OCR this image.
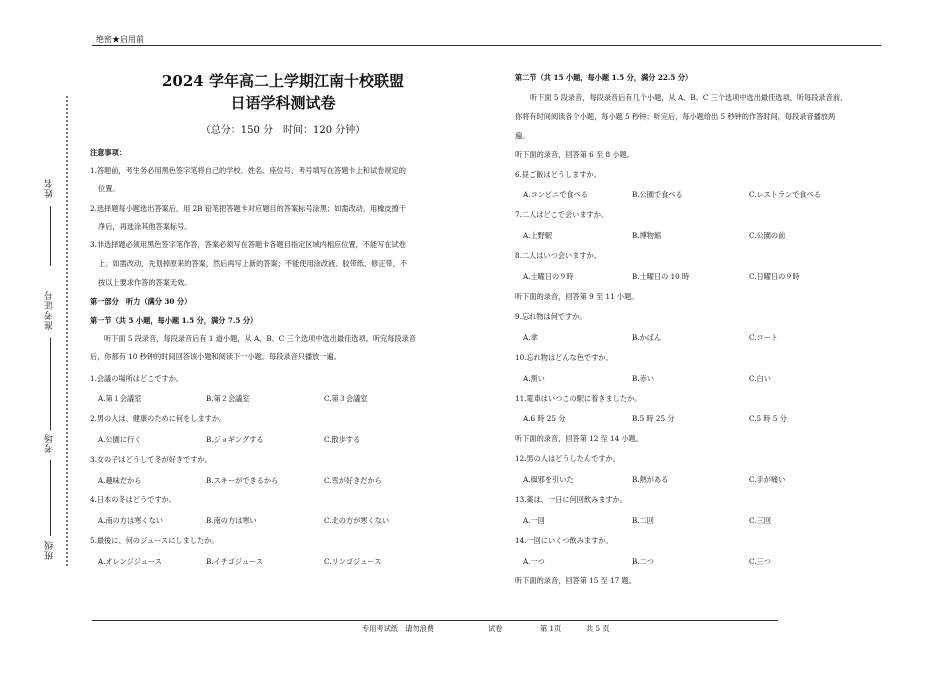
绝密★启用前
姓名
准考证号
考场
班级
2024 学年高二上学期江南十校联盟
日语学科测试卷
（总分：150 分　时间：120 分钟）
注意事项：
1.答题前，考生务必用黑色签字笔将自己的学校、姓名、座位号、考号填写在答题卡上和试卷规定的
位置。
2.选择题每小题选出答案后，用 2B 铅笔把答题卡对应题目的答案标号涂黑；如需改动，用橡皮擦干
净后，再选涂其他答案标号。
3.非选择题必须用黑色签字笔作答，答案必须写在答题卡各题目指定区域内相应位置，不能写在试卷
上；如需改动，先划掉原来的答案，然后再写上新的答案；不能使用涂改液、胶带纸、修正带，不
按以上要求作答的答案无效。
第一部分　听力（满分 30 分）
第一节（共 5 小题，每小题 1.5 分，满分 7.5 分）
听下面 5 段录音，每段录音后有 1 道小题，从 A、B、C 三个选项中选出最佳选项。听完每段录音
后，你都有 10 秒钟的时间回答该小题和阅读下一小题。每段录音只播放一遍。
1.会議の場所はどこですか。
A.第１会議室	B.第２会議室	C.第３会議室
2.男の人は、健康のために何をしますか。
A.公園に行く	B.ジョギングする	C.散歩する
3.女の子はどうして冬が好きですか。
A.趣味だから	B.スキーができるから	C.雪が好きだから
4.日本の冬はどうですか。
A.南の方は寒くない	B.南の方は寒い	C.北の方が寒くない
5.最後に、何のジュースにしましたか。
A.オレンジジュース	B.イチゴジュース	C.リンゴジュース
第二节（共 15 小题，每小题 1.5 分，满分 22.5 分）
听下面 5 段录音，每段录音后有几个小题，从 A、B、C 三个选项中选出最佳选项，听每段录音前，
你将有时间阅读各个小题，每小题 5 秒钟；听完后，每小题给出 5 秒钟的作答时间，每段录音播放两
遍。
听下面的录音，回答第 6 至 8 小题。
6.昼ご飯はどうしますか。
A.コンビニで食べる	B.公園で食べる	C.レストランで食べる
7.二人はどこで会いますか。
A.上野駅	B.博物館	C.公園の前
8.二人はいつ会いますか。
A.土曜日の９時	B.土曜日の 10 時	C.日曜日の９時
听下面的录音，回答第 9 至 11 小题。
9.忘れ物は何ですか。
A.傘	B.かばん	C.コート
10.忘れ物はどんな色ですか。
A.黒い	B.赤い	C.白い
11.電車はいつこの駅に着きましたか。
A.6 時 25 分	B.5 時 25 分	C.5 時 5 分
听下面的录音，回答第 12 至 14 小题。
12.男の人はどうしたんですか。
A.風邪を引いた	B.熱がある	C.手が痛い
13.薬は、一日に何回飲みますか。
A.一回	B.二回	C.三回
14.一回にいくつ飲みますか。
A.一つ	B.二つ	C.三つ
听下面的录音，回答第 15 至 17 题。
专用考试纸　请勿浪费	试卷	第 1页	共 5 页
